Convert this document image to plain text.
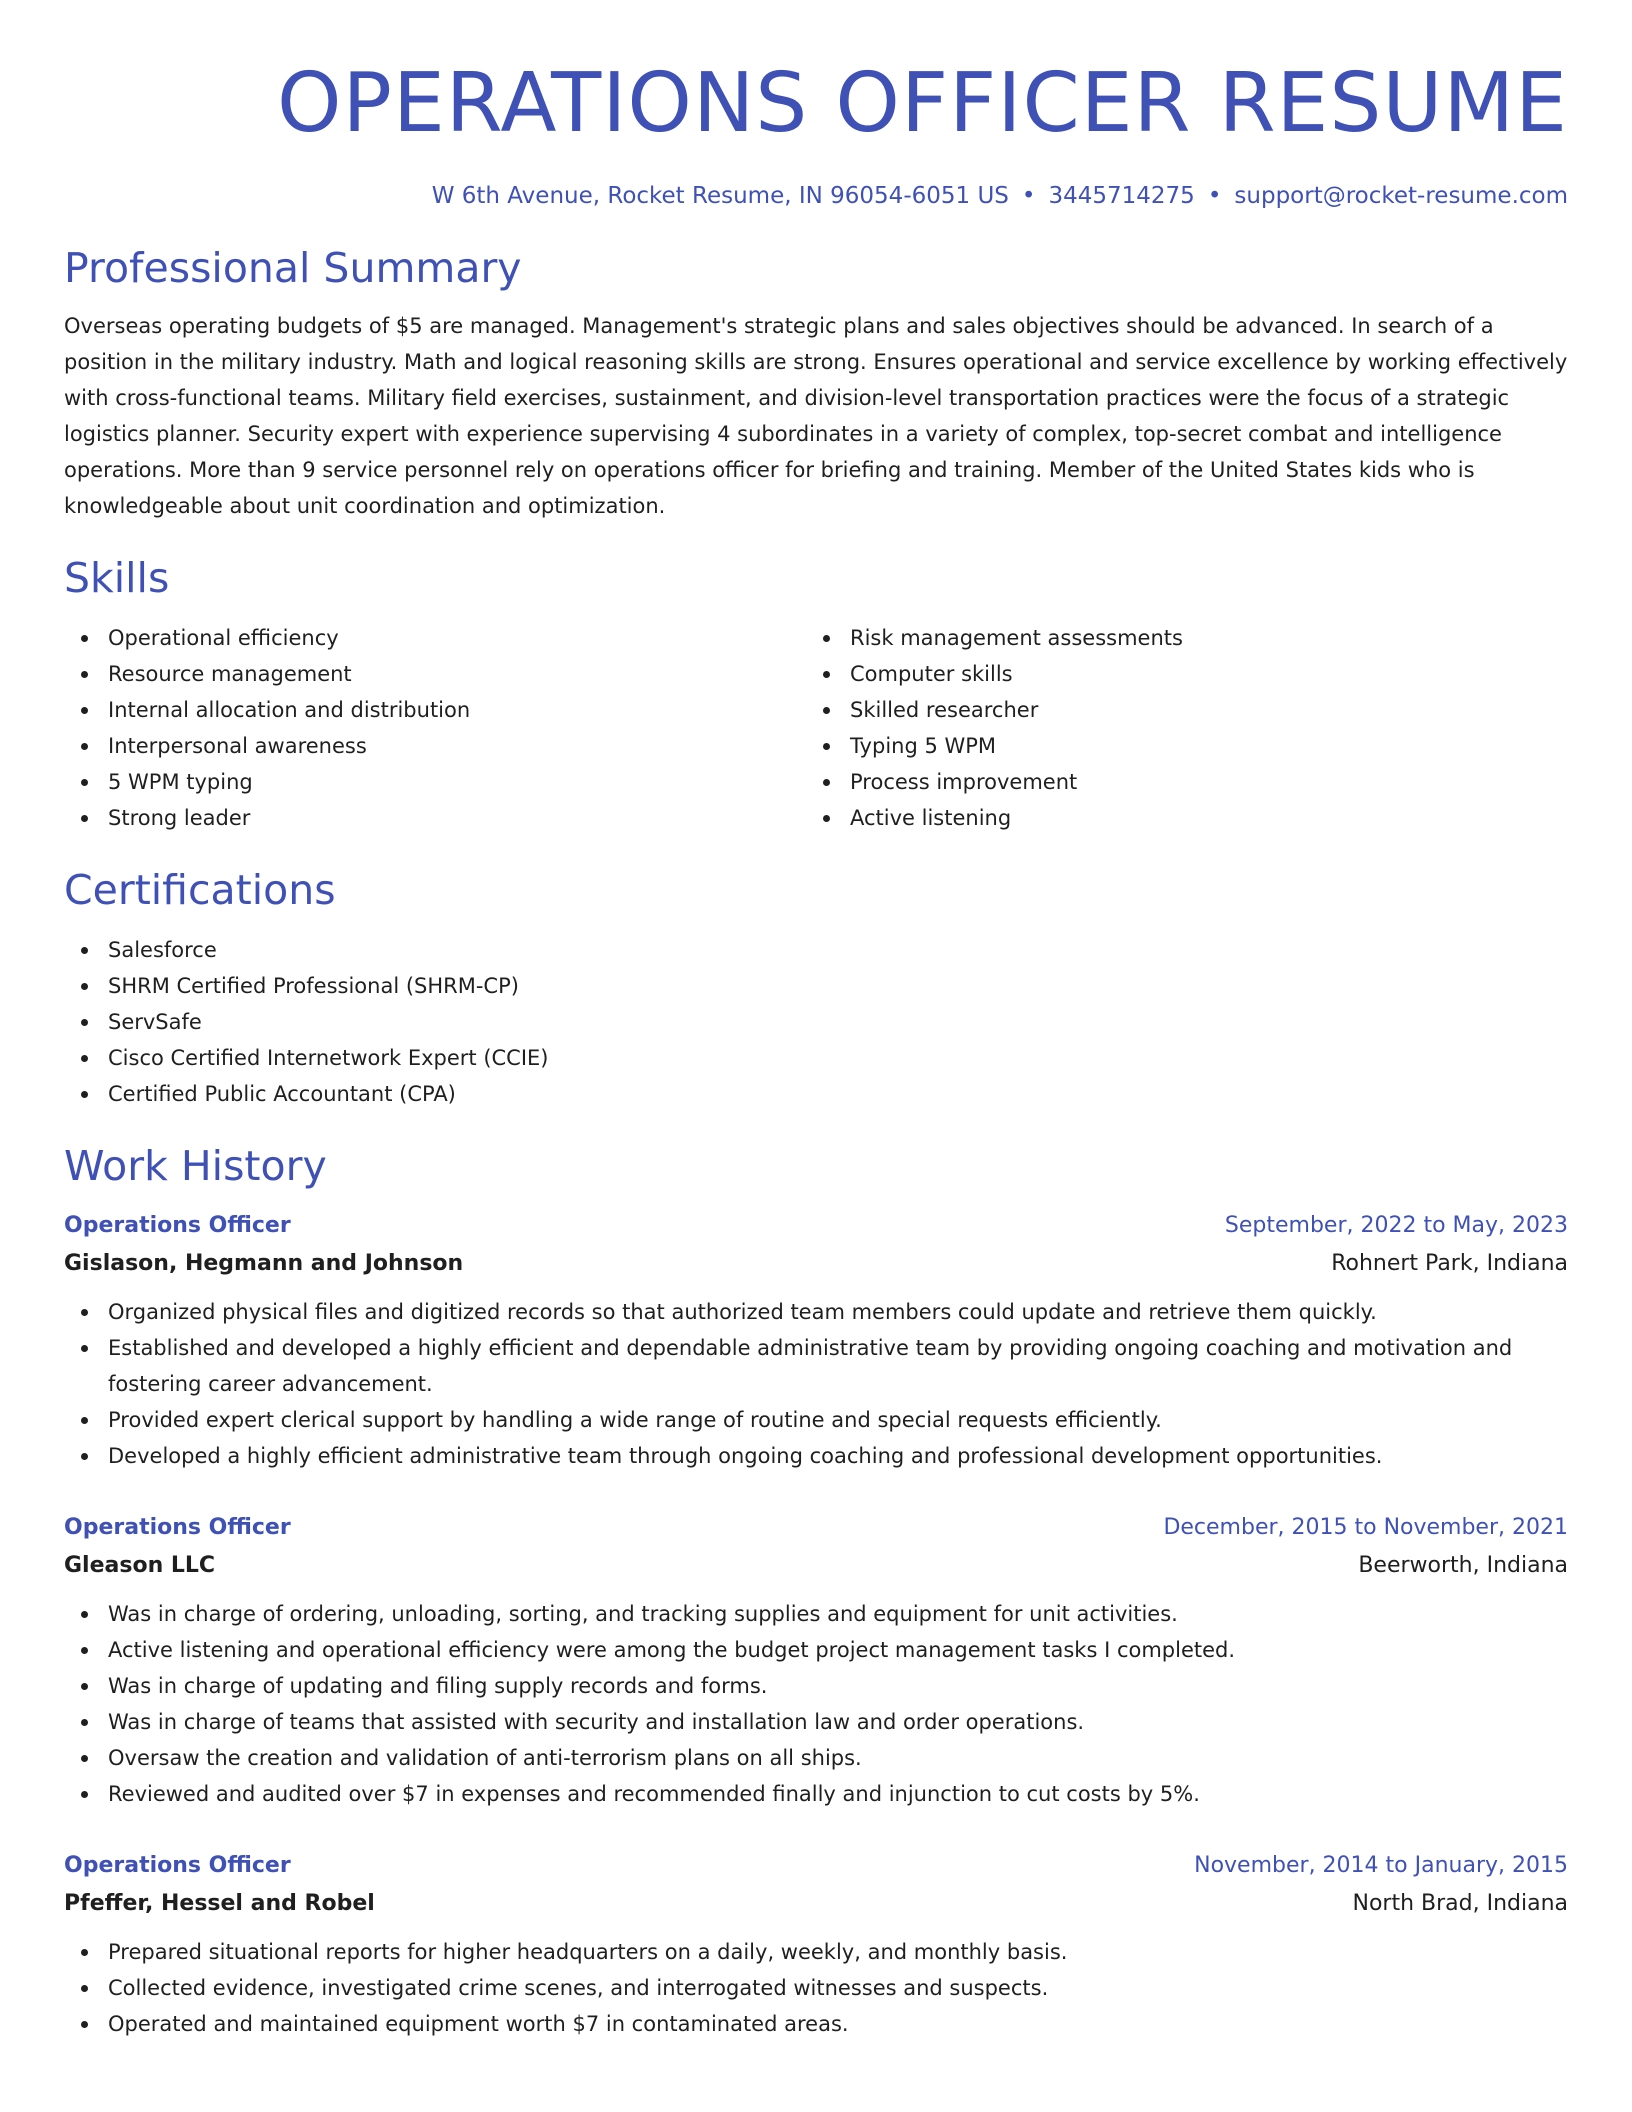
OPERATIONS OFFICER RESUME
W 6th Avenue, Rocket Resume, IN 96054-6051 US • 3445714275 • support@rocket-resume.com
Professional Summary
Overseas operating budgets of $5 are managed. Management's strategic plans and sales objectives should be advanced. In search of a position in the military industry. Math and logical reasoning skills are strong. Ensures operational and service excellence by working effectively with cross-functional teams. Military field exercises, sustainment, and division-level transportation practices were the focus of a strategic logistics planner. Security expert with experience supervising 4 subordinates in a variety of complex, top-secret combat and intelligence operations. More than 9 service personnel rely on operations officer for briefing and training. Member of the United States kids who is knowledgeable about unit coordination and optimization.
Skills
Operational efficiency
Resource management
Internal allocation and distribution
Interpersonal awareness
5 WPM typing
Strong leader
Risk management assessments
Computer skills
Skilled researcher
Typing 5 WPM
Process improvement
Active listening
Certifications
Salesforce
SHRM Certified Professional (SHRM-CP)
ServSafe
Cisco Certified Internetwork Expert (CCIE)
Certified Public Accountant (CPA)
Work History
Operations Officer	September, 2022 to May, 2023
Gislason, Hegmann and Johnson	Rohnert Park, Indiana
Organized physical files and digitized records so that authorized team members could update and retrieve them quickly.
Established and developed a highly efficient and dependable administrative team by providing ongoing coaching and motivation and fostering career advancement.
Provided expert clerical support by handling a wide range of routine and special requests efficiently.
Developed a highly efficient administrative team through ongoing coaching and professional development opportunities.
Operations Officer	December, 2015 to November, 2021
Gleason LLC	Beerworth, Indiana
Was in charge of ordering, unloading, sorting, and tracking supplies and equipment for unit activities.
Active listening and operational efficiency were among the budget project management tasks I completed.
Was in charge of updating and filing supply records and forms.
Was in charge of teams that assisted with security and installation law and order operations.
Oversaw the creation and validation of anti-terrorism plans on all ships.
Reviewed and audited over $7 in expenses and recommended finally and injunction to cut costs by 5%.
Operations Officer	November, 2014 to January, 2015
Pfeffer, Hessel and Robel	North Brad, Indiana
Prepared situational reports for higher headquarters on a daily, weekly, and monthly basis.
Collected evidence, investigated crime scenes, and interrogated witnesses and suspects.
Operated and maintained equipment worth $7 in contaminated areas.
